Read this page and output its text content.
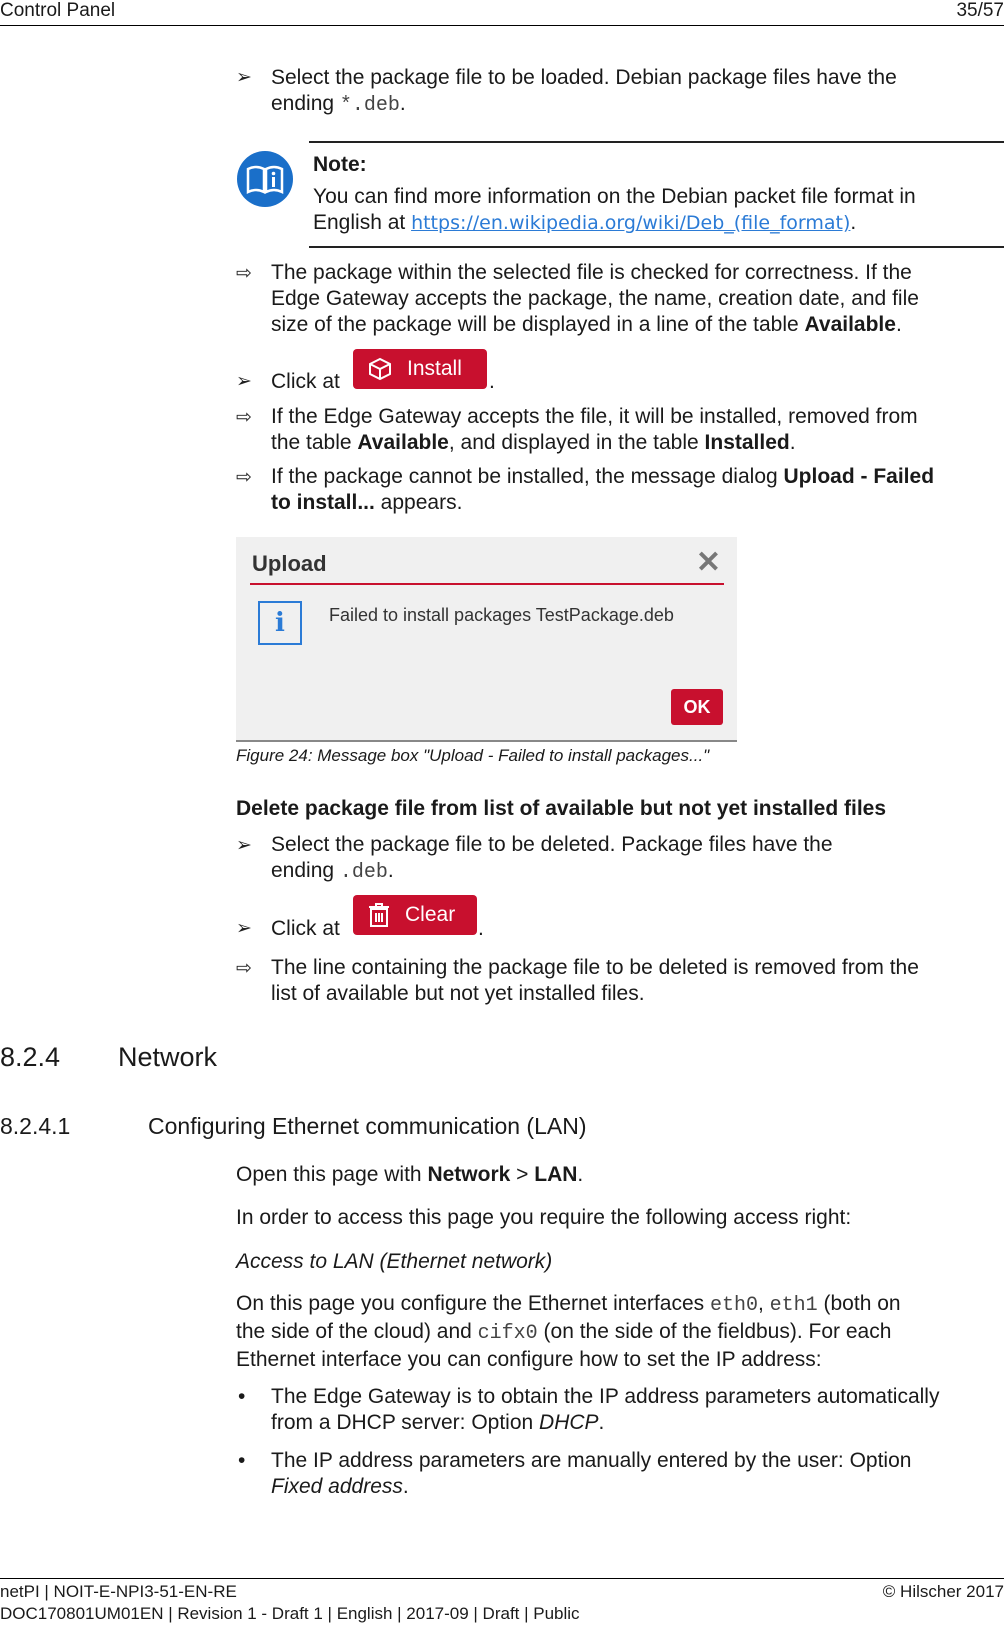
Control Panel	35/57
➢ Select the package file to be loaded. Debian package files have the
ending *.deb.
Note:
You can find more information on the Debian packet file format in
English at https://en.wikipedia.org/wiki/Deb_(file_format).
⇨ The package within the selected file is checked for correctness. If the
Edge Gateway accepts the package, the name, creation date, and file
size of the package will be displayed in a line of the table Available.
➢ Click at
Install
.
⇨ If the Edge Gateway accepts the file, it will be installed, removed from
the table Available, and displayed in the table Installed.
⇨ If the package cannot be installed, the message dialog Upload - Failed
to install... appears.
Upload	✕
i	Failed to install packages TestPackage.deb
OK
Figure 24: Message box "Upload - Failed to install packages..."
Delete package file from list of available but not yet installed files
➢ Select the package file to be deleted. Package files have the
ending .deb.
➢ Click at
Clear
.
⇨ The line containing the package file to be deleted is removed from the
list of available but not yet installed files.
8.2.4 Network
8.2.4.1	Configuring Ethernet communication (LAN)
Open this page with Network > LAN.
In order to access this page you require the following access right:
Access to LAN (Ethernet network)
On this page you configure the Ethernet interfaces eth0, eth1 (both on
the side of the cloud) and cifx0 (on the side of the fieldbus). For each
Ethernet interface you can configure how to set the IP address:
• The Edge Gateway is to obtain the IP address parameters automatically
from a DHCP server: Option DHCP.
• The IP address parameters are manually entered by the user: Option
Fixed address.
netPI | NOIT-E-NPI3-51-EN-RE	© Hilscher 2017
DOC170801UM01EN | Revision 1 - Draft 1 | English | 2017-09 | Draft | Public
